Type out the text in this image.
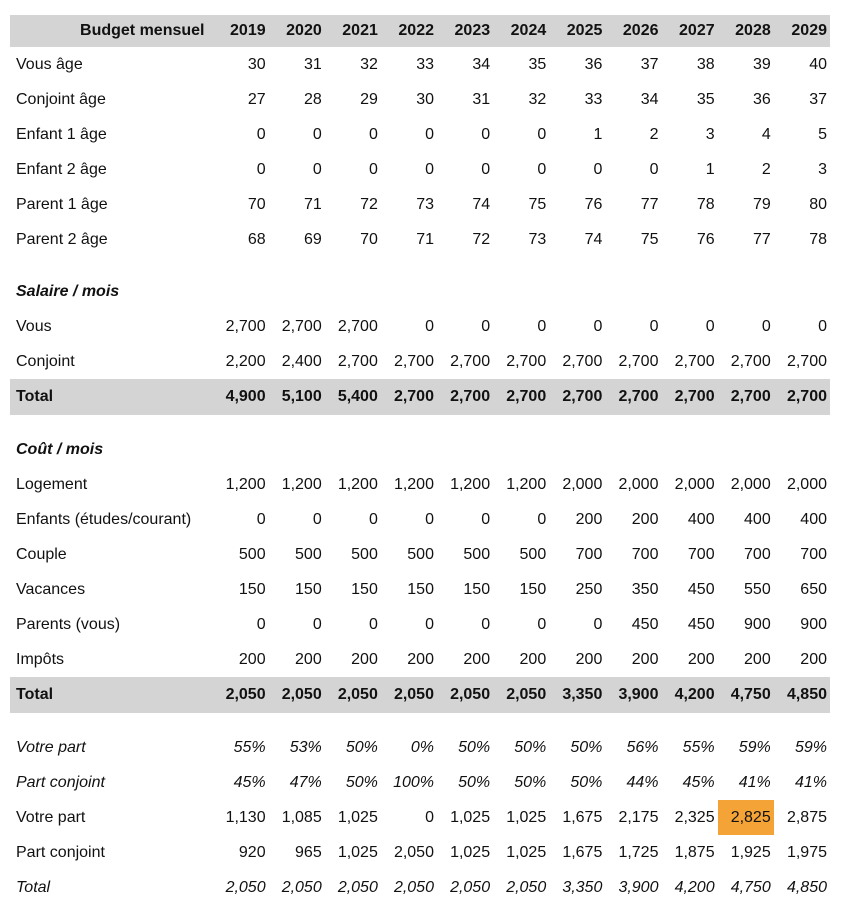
Budget mensuel	2019	2020	2021	2022	2023	2024	2025	2026	2027	2028	2029
Vous âge	30	31	32	33	34	35	36	37	38	39	40
Conjoint âge	27	28	29	30	31	32	33	34	35	36	37
Enfant 1 âge	0	0	0	0	0	0	1	2	3	4	5
Enfant 2 âge	0	0	0	0	0	0	0	0	1	2	3
Parent 1 âge	70	71	72	73	74	75	76	77	78	79	80
Parent 2 âge	68	69	70	71	72	73	74	75	76	77	78

Salaire / mois											
Vous	2,700	2,700	2,700	0	0	0	0	0	0	0	0
Conjoint	2,200	2,400	2,700	2,700	2,700	2,700	2,700	2,700	2,700	2,700	2,700
Total	4,900	5,100	5,400	2,700	2,700	2,700	2,700	2,700	2,700	2,700	2,700

Coût / mois											
Logement	1,200	1,200	1,200	1,200	1,200	1,200	2,000	2,000	2,000	2,000	2,000
Enfants (études/courant)	0	0	0	0	0	0	200	200	400	400	400
Couple	500	500	500	500	500	500	700	700	700	700	700
Vacances	150	150	150	150	150	150	250	350	450	550	650
Parents (vous)	0	0	0	0	0	0	0	450	450	900	900
Impôts	200	200	200	200	200	200	200	200	200	200	200
Total	2,050	2,050	2,050	2,050	2,050	2,050	3,350	3,900	4,200	4,750	4,850

Votre part	55%	53%	50%	0%	50%	50%	50%	56%	55%	59%	59%
Part conjoint	45%	47%	50%	100%	50%	50%	50%	44%	45%	41%	41%
Votre part	1,130	1,085	1,025	0	1,025	1,025	1,675	2,175	2,325	2,825	2,875
Part conjoint	920	965	1,025	2,050	1,025	1,025	1,675	1,725	1,875	1,925	1,975
Total	2,050	2,050	2,050	2,050	2,050	2,050	3,350	3,900	4,200	4,750	4,850
